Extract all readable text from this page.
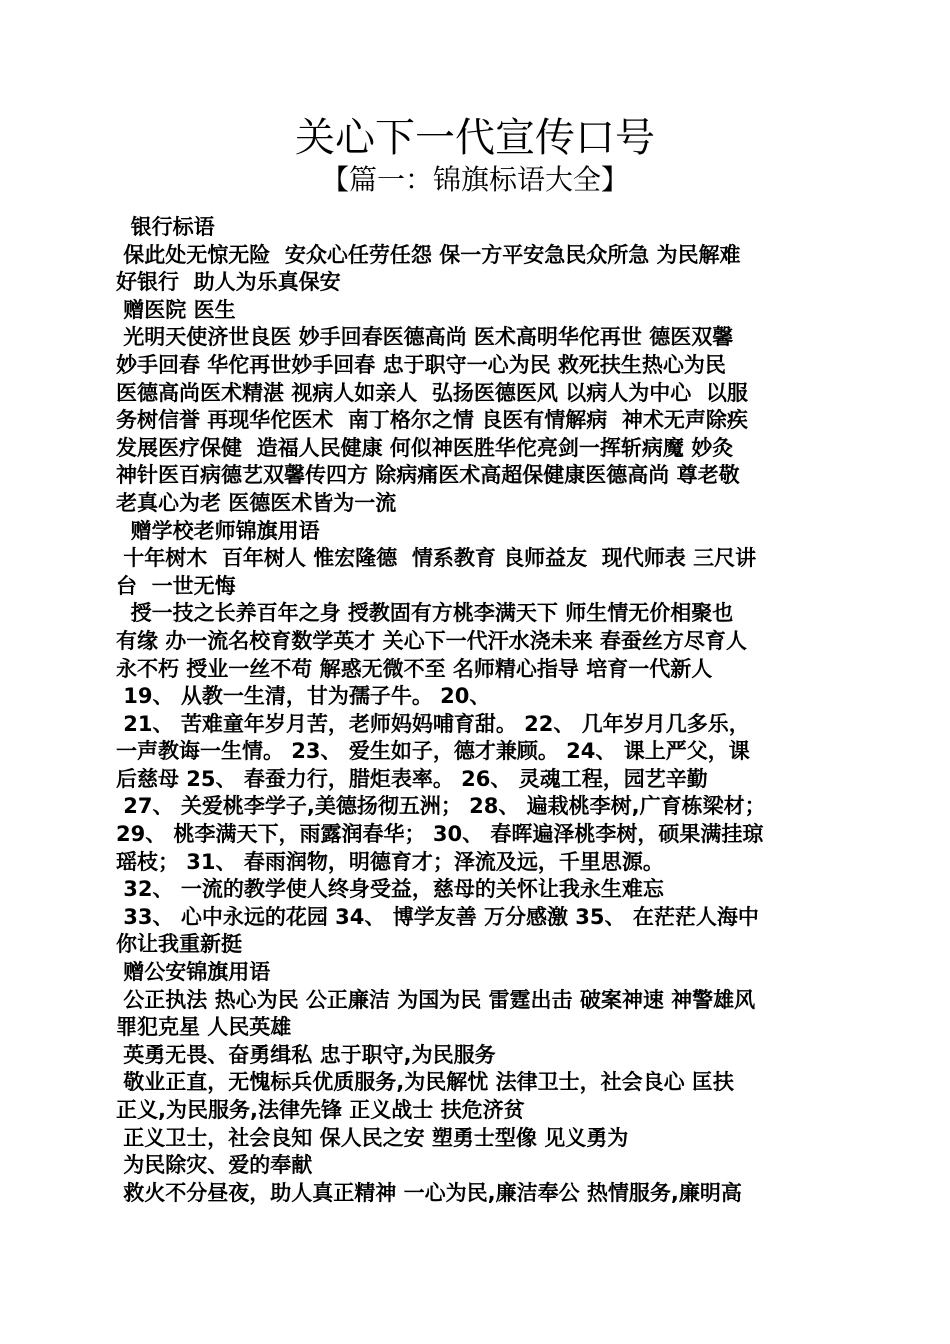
关心下一代宣传口号
【篇一：锦旗标语大全】
银行标语
保此处无惊无险  安众心任劳任怨 保一方平安急民众所急 为民解难
好银行  助人为乐真保安
赠医院 医生
光明天使济世良医 妙手回春医德高尚 医术高明华佗再世 德医双馨
妙手回春 华佗再世妙手回春 忠于职守一心为民 救死扶生热心为民
医德高尚医术精湛 视病人如亲人  弘扬医德医风 以病人为中心  以服
务树信誉 再现华佗医术  南丁格尔之情 良医有情解病  神术无声除疾
发展医疗保健  造福人民健康 何似神医胜华佗亮剑一挥斩病魔 妙灸
神针医百病德艺双馨传四方 除病痛医术高超保健康医德高尚 尊老敬
老真心为老 医德医术皆为一流
赠学校老师锦旗用语
十年树木  百年树人 惟宏隆德  情系教育 良师益友  现代师表 三尺讲
台  一世无悔
授一技之长养百年之身 授教固有方桃李满天下 师生情无价相聚也
有缘 办一流名校育数学英才 关心下一代汗水浇未来 春蚕丝方尽育人
永不朽 授业一丝不苟 解惑无微不至 名师精心指导 培育一代新人
19、 从教一生清，甘为孺子牛。 20、
21、 苦难童年岁月苦，老师妈妈哺育甜。 22、 几年岁月几多乐，
一声教诲一生情。 23、 爱生如子，德才兼顾。 24、 课上严父，课
后慈母 25、 春蚕力行，腊炬表率。 26、 灵魂工程，园艺辛勤
27、 关爱桃李学子,美德扬彻五洲； 28、 遍栽桃李树,广育栋梁材；
29、 桃李满天下，雨露润春华； 30、 春晖遍泽桃李树，硕果满挂琼
瑶枝； 31、 春雨润物，明德育才；泽流及远，千里思源。
32、 一流的教学使人终身受益，慈母的关怀让我永生难忘
33、 心中永远的花园 34、 博学友善 万分感激 35、 在茫茫人海中
你让我重新挺
赠公安锦旗用语
公正执法 热心为民 公正廉洁 为国为民 雷霆出击 破案神速 神警雄风
罪犯克星 人民英雄
英勇无畏、奋勇缉私 忠于职守,为民服务
敬业正直，无愧标兵优质服务,为民解忧 法律卫士，社会良心 匡扶
正义,为民服务,法律先锋 正义战士 扶危济贫
正义卫士，社会良知 保人民之安 塑勇士型像 见义勇为
为民除灾、爱的奉献
救火不分昼夜，助人真正精神 一心为民,廉洁奉公 热情服务,廉明高
